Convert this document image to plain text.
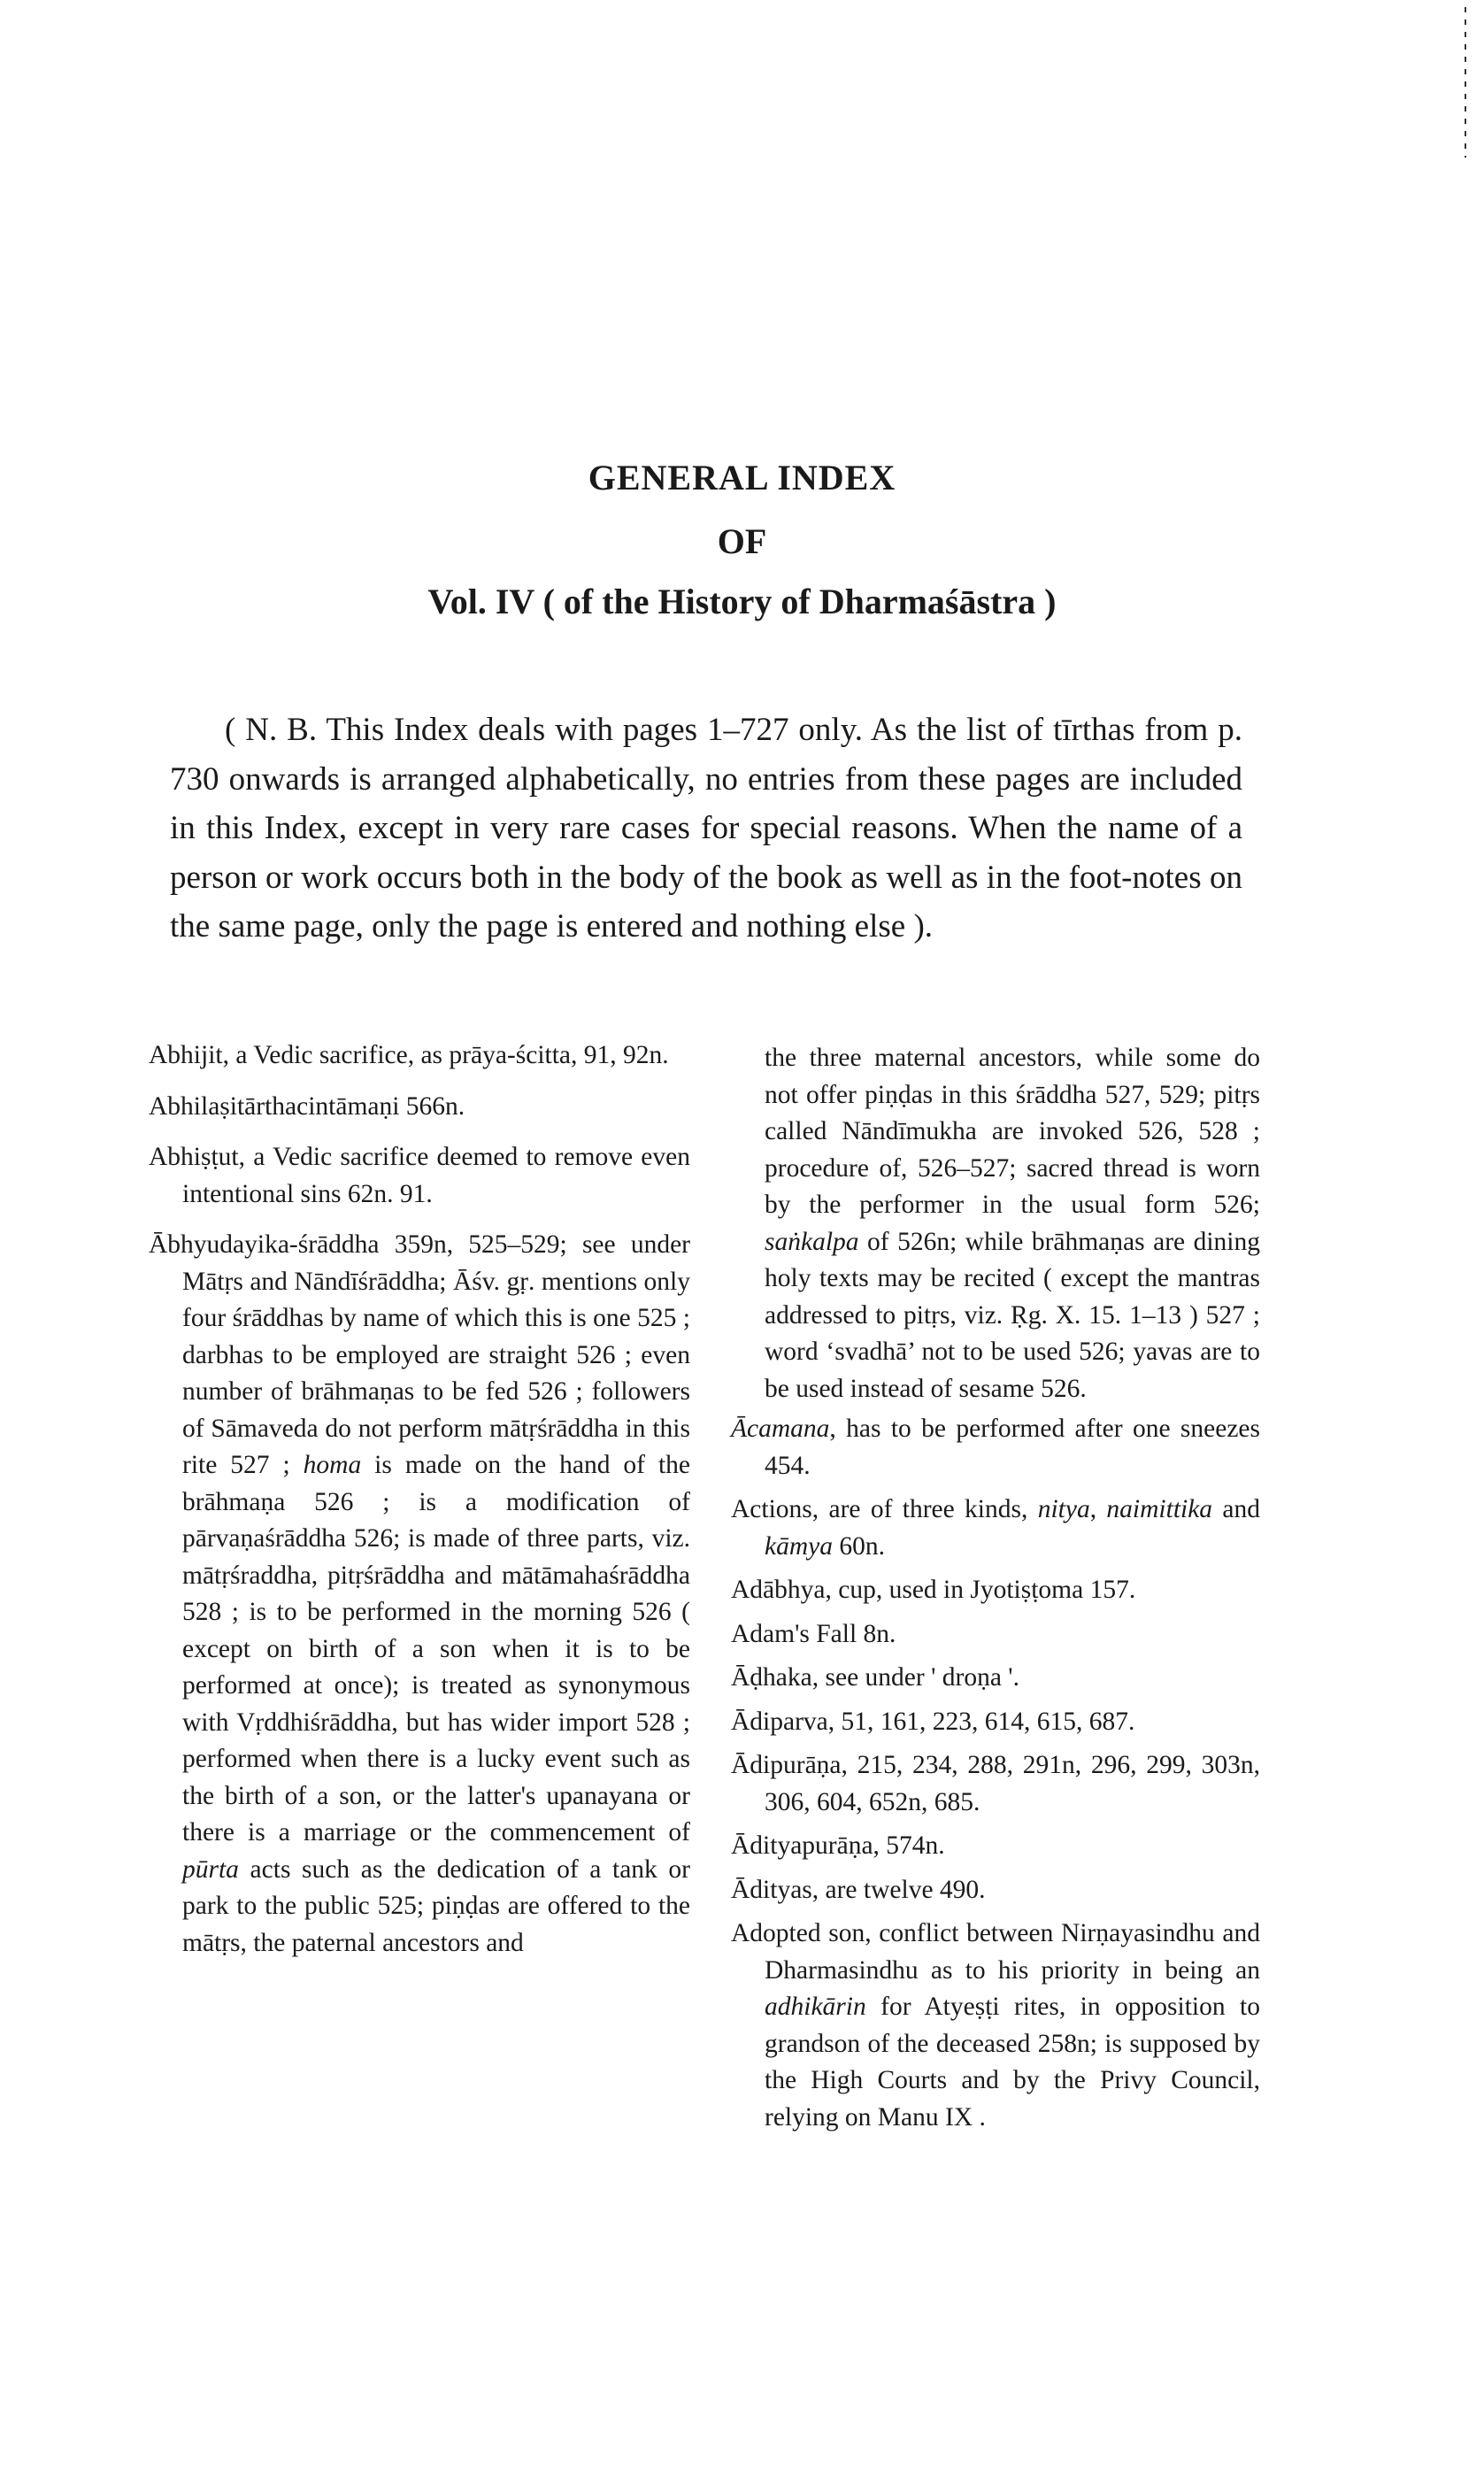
GENERAL INDEX
OF
Vol. IV ( of the History of Dharmaśāstra )

( N. B. This Index deals with pages 1–727 only. As the list of tīrthas from p. 730 onwards is arranged alphabetically, no entries from these pages are included in this Index, except in very rare cases for special reasons. When the name of a person or work occurs both in the body of the book as well as in the foot-notes on the same page, only the page is entered and nothing else ).

Abhijit, a Vedic sacrifice, as prāya-ścitta, 91, 92n.

Abhilaṣitārthacintāmaṇi 566n.

Abhiṣṭut, a Vedic sacrifice deemed to remove even intentional sins 62n. 91.

Ābhyudayika-śrāddha 359n, 525–529; see under Mātṛs and Nāndīśrāddha; Āśv. gṛ. mentions only four śrāddhas by name of which this is one 525 ; darbhas to be employed are straight 526 ; even number of brāhmaṇas to be fed 526 ; followers of Sāmaveda do not perform mātṛśrāddha in this rite 527 ; homa is made on the hand of the brāhmaṇa 526 ; is a modification of pārvaṇaśrāddha 526; is made of three parts, viz. mātṛśraddha, pitṛśrāddha and mātāmahaśrāddha 528 ; is to be performed in the morning 526 ( except on birth of a son when it is to be performed at once); is treated as synonymous with Vṛddhiśrāddha, but has wider import 528 ; performed when there is a lucky event such as the birth of a son, or the latter's upanayana or there is a marriage or the commencement of pūrta acts such as the dedication of a tank or park to the public 525; piṇḍas are offered to the mātṛs, the paternal ancestors and

the three maternal ancestors, while some do not offer piṇḍas in this śrāddha 527, 529; pitṛs called Nāndīmukha are invoked 526, 528 ; procedure of, 526–527; sacred thread is worn by the performer in the usual form 526; saṅkalpa of 526n; while brāhmaṇas are dining holy texts may be recited ( except the mantras addressed to pitṛs, viz. Ṛg. X. 15. 1–13 ) 527 ; word ‘svadhā’ not to be used 526; yavas are to be used instead of sesame 526.

Ācamana, has to be performed after one sneezes 454.

Actions, are of three kinds, nitya, naimittika and kāmya 60n.

Adābhya, cup, used in Jyotiṣṭoma 157.

Adam's Fall 8n.

Āḍhaka, see under ' droṇa '.

Ādiparva, 51, 161, 223, 614, 615, 687.

Ādipurāṇa, 215, 234, 288, 291n, 296, 299, 303n, 306, 604, 652n, 685.

Ādityapurāṇa, 574n.

Ādityas, are twelve 490.

Adopted son, conflict between Nirṇayasindhu and Dharmasindhu as to his priority in being an adhikārin for Atyeṣṭi rites, in opposition to grandson of the deceased 258n; is supposed by the High Courts and by the Privy Council, relying on Manu IX .
